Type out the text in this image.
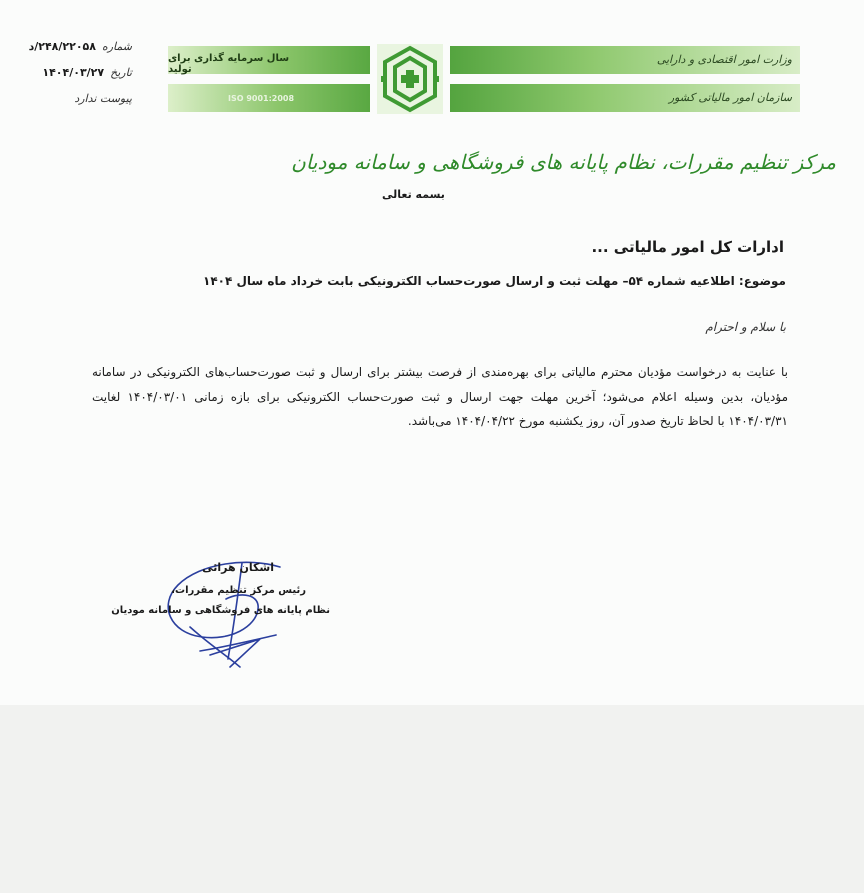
شماره
۲۴۸/۲۲۰۵۸/د
تاریخ
۱۴۰۴/۰۳/۲۷
پیوست ندارد
سال سرمایه گذاری برای تولید
ISO 9001:2008
وزارت امور اقتصادی و دارایی
سازمان امور مالیاتی کشور
مرکز تنظیم مقررات، نظام پایانه های فروشگاهی و سامانه مودیان
بسمه تعالی
ادارات کل امور مالیاتی ...
موضوع: اطلاعیه شماره ۵۴– مهلت ثبت و ارسال صورت‌حساب الکترونیکی بابت خرداد ماه سال ۱۴۰۴
با سلام و احترام
با عنایت به درخواست مؤدیان محترم مالیاتی برای بهره‌مندی از فرصت بیشتر برای ارسال و ثبت صورت‌حساب‌های الکترونیکی در سامانه مؤدیان، بدین وسیله اعلام می‌شود؛ آخرین مهلت جهت ارسال و ثبت صورت‌حساب الکترونیکی برای بازه زمانی ۱۴۰۴/۰۳/۰۱ لغایت ۱۴۰۴/۰۳/۳۱ با لحاظ تاریخ صدور آن، روز یکشنبه مورخ ۱۴۰۴/۰۴/۲۲ می‌باشد.
اشکان هرائی
رئیس مرکز تنظیم مقررات،
نظام پایانه های فروشگاهی و سامانه مودیان
